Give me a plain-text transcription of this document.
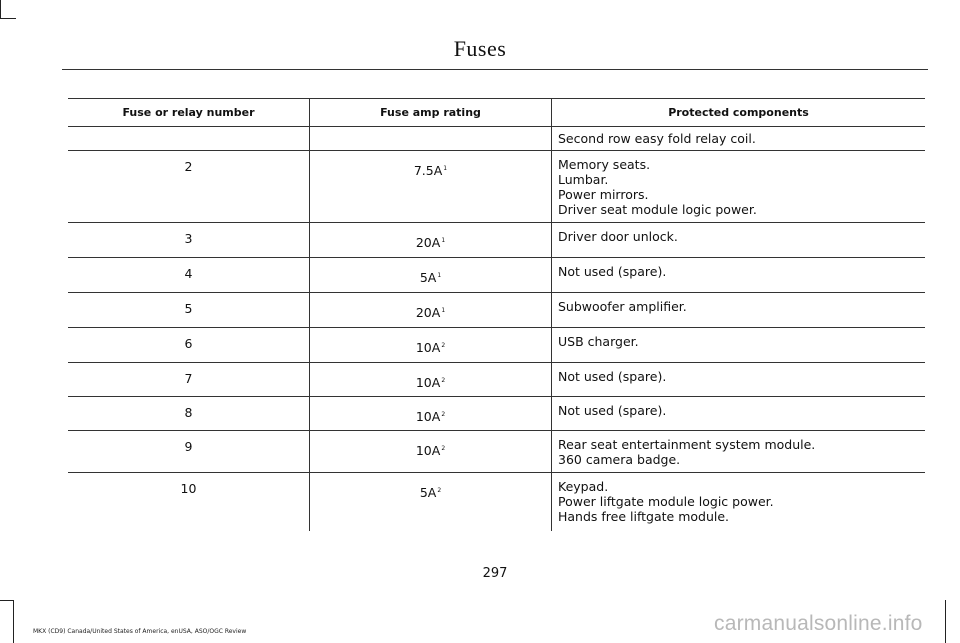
Fuses
Fuse or relay number	Fuse amp rating	Protected components

		Second row easy fold relay coil.

2	7.5A$^1$	Memory seats.
Lumbar.
Power mirrors.
Driver seat module logic power.

3	20A$^1$	Driver door unlock.

4	5A$^1$	Not used (spare).

5	20A$^1$	Subwoofer amplifier.

6	10A$^2$	USB charger.

7	10A$^2$	Not used (spare).

8	10A$^2$	Not used (spare).

9	10A$^2$	Rear seat entertainment system module.
360 camera badge.

10	5A$^2$	Keypad.
Power liftgate module logic power.
Hands free liftgate module.
297
MKX (CD9) Canada/United States of America, enUSA, ASO/OGC Review	carmanualsonline.info
